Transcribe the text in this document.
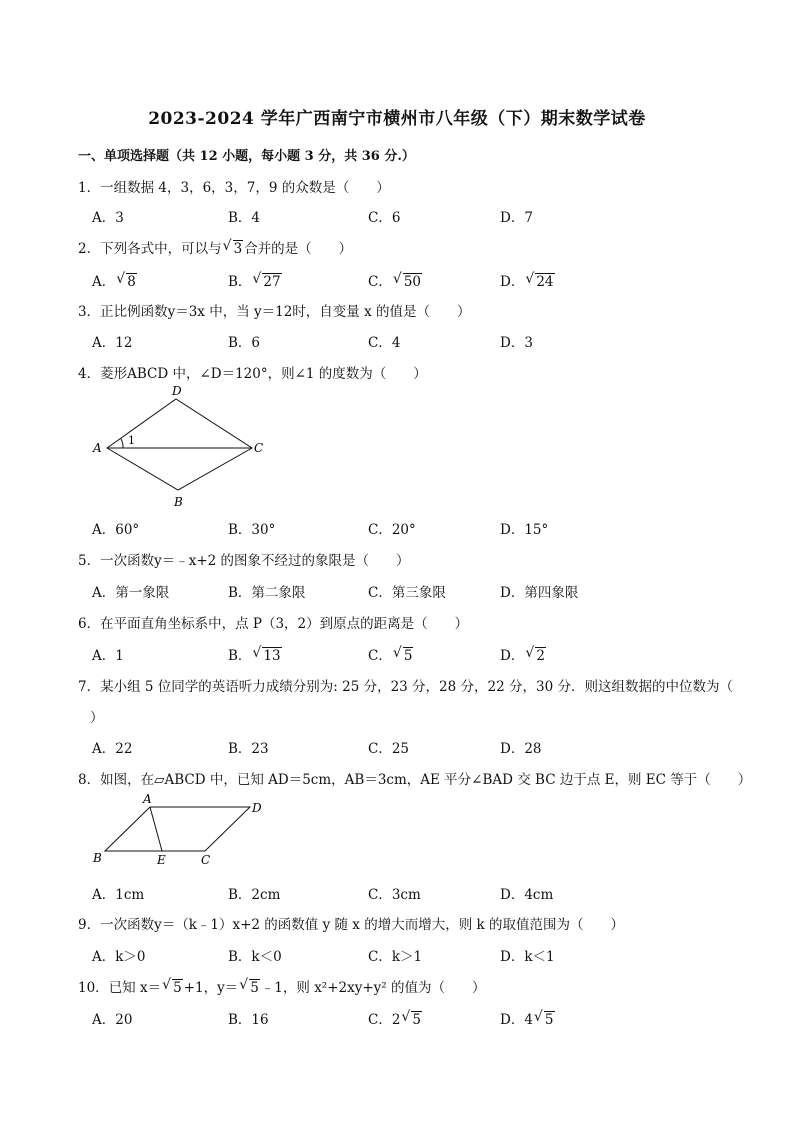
2023-2024 学年广西南宁市横州市八年级（下）期末数学试卷
一、单项选择题（共 12 小题，每小题 3 分，共 36 分.）
1．一组数据 4，3，6，3，7，9 的众数是（　　）
A．3	B．4	C．6	D．7
2．下列各式中，可以与 √ 3 合并的是（　　）
A． √ 8	B． √ 27	C． √ 50	D． √ 24
3．正比例函数y＝3x 中，当 y＝12时，自变量 x 的值是（　　）
A．12	B．6	C．4	D．3
4．菱形ABCD 中，∠D＝120°，则∠1 的度数为（　　）
A
D
C
B
1
A．60°	B．30°	C．20°	D．15°
5．一次函数y＝﹣x+2 的图象不经过的象限是（　　）
A．第一象限	B．第二象限	C．第三象限	D．第四象限
6．在平面直角坐标系中，点 P（3，2）到原点的距离是（　　）
A．1	B． √ 13	C． √ 5	D． √ 2
7．某小组 5 位同学的英语听力成绩分别为: 25 分，23 分，28 分，22 分，30 分．则这组数据的中位数为（
）
A．22	B．23	C．25	D．28
8．如图，在▱ABCD 中，已知 AD＝5cm，AB＝3cm，AE 平分∠BAD 交 BC 边于点 E，则 EC 等于（　　）
A
D
B	E	C
A．1cm	B．2cm	C．3cm	D．4cm
9．一次函数y＝（k﹣1）x+2 的函数值 y 随 x 的增大而增大，则 k 的取值范围为（　　）
A．k＞0	B．k＜0	C．k＞1	D．k＜1
10．已知 x＝ √ 5 +1，y＝ √ 5 ﹣1，则 x²+2xy+y² 的值为（　　）
A．20	B．16	C．2 √ 5	D．4 √ 5
